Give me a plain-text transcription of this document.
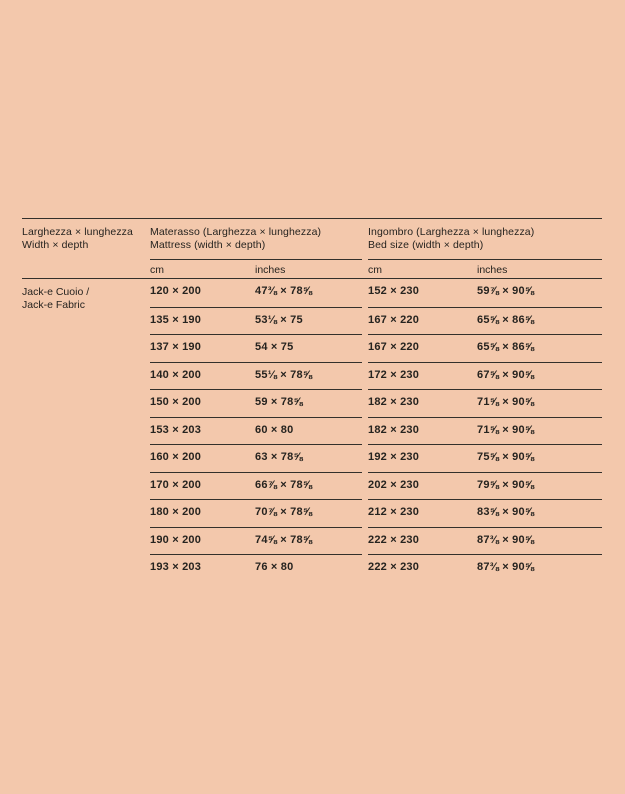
Larghezza × lunghezza
Width × depth
Materasso (Larghezza × lunghezza)
Mattress (width × depth)
Ingombro (Larghezza × lunghezza)
Bed size (width × depth)
cm	inches	cm	inches
Jack-e Cuoio /
Jack-e Fabric
120 × 200	47⅜ × 78⅝	152 × 230	59⅞ × 90⅝
135 × 190	53⅛ × 75	167 × 220	65⅝ × 86⅝
137 × 190	54 × 75	167 × 220	65⅝ × 86⅝
140 × 200	55⅛ × 78⅝	172 × 230	67⅝ × 90⅝
150 × 200	59 × 78⅝	182 × 230	71⅝ × 90⅝
153 × 203	60 × 80	182 × 230	71⅝ × 90⅝
160 × 200	63 × 78⅝	192 × 230	75⅝ × 90⅝
170 × 200	66⅞ × 78⅝	202 × 230	79⅝ × 90⅝
180 × 200	70⅞ × 78⅝	212 × 230	83⅝ × 90⅝
190 × 200	74⅝ × 78⅝	222 × 230	87⅜ × 90⅝
193 × 203	76 × 80	222 × 230	87⅜ × 90⅝
